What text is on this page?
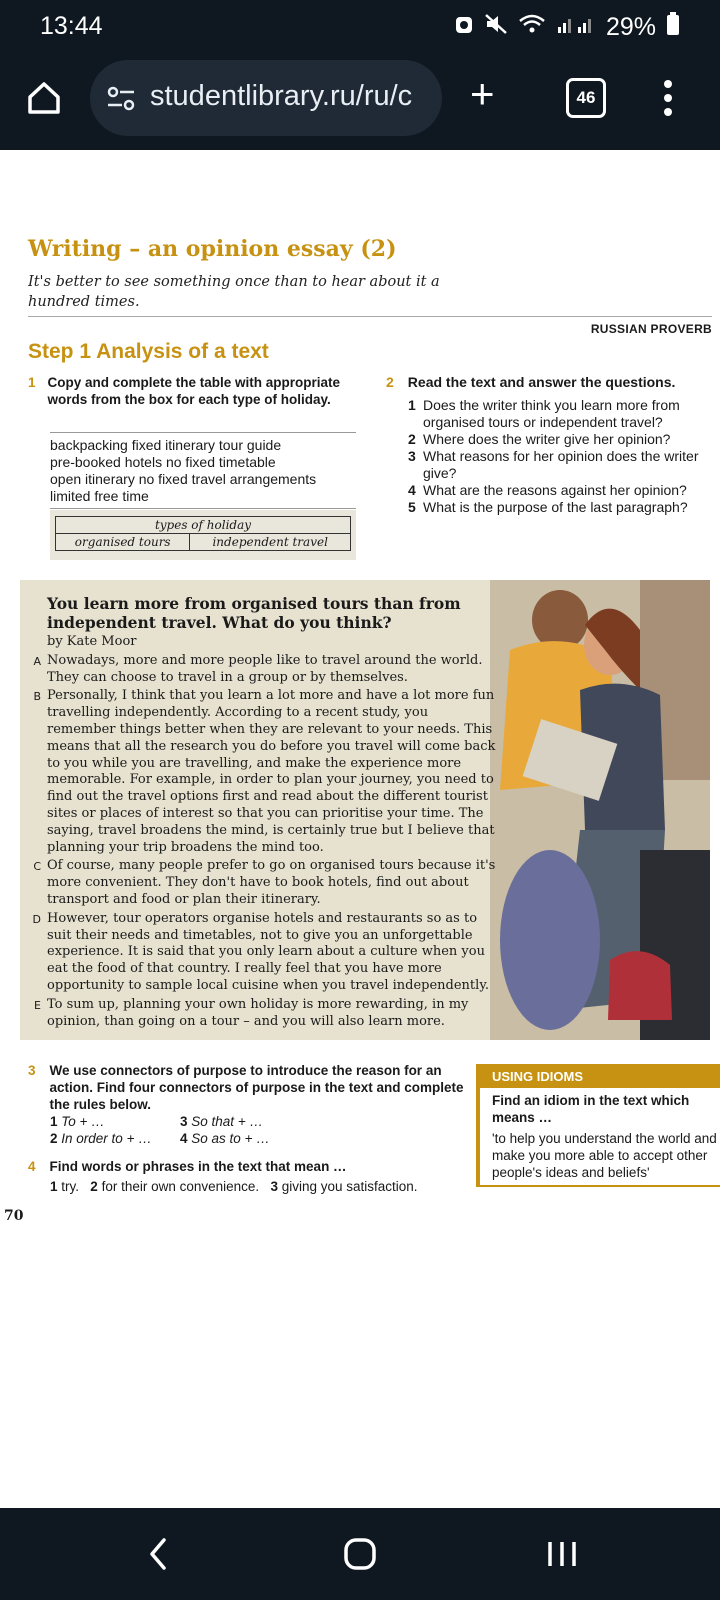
13:44	29%
studentlibrary.ru/ru/c	+	46
Writing – an opinion essay (2)
It's better to see something once than to hear about it a hundred times.
RUSSIAN PROVERB
Step 1 Analysis of a text
1 Copy and complete the table with appropriate words from the box for each type of holiday.
backpacking fixed itinerary tour guide
pre-booked hotels no fixed timetable
open itinerary no fixed travel arrangements
limited free time
types of holiday
organised tours	independent travel
2 Read the text and answer the questions.
1 Does the writer think you learn more from organised tours or independent travel?
2 Where does the writer give her opinion?
3 What reasons for her opinion does the writer give?
4 What are the reasons against her opinion?
5 What is the purpose of the last paragraph?
You learn more from organised tours than from independent travel. What do you think?
by Kate Moor
A Nowadays, more and more people like to travel around the world. They can choose to travel in a group or by themselves.
B Personally, I think that you learn a lot more and have a lot more fun travelling independently. According to a recent study, you remember things better when they are relevant to your needs. This means that all the research you do before you travel will come back to you while you are travelling, and make the experience more memorable. For example, in order to plan your journey, you need to find out the travel options first and read about the different tourist sites or places of interest so that you can prioritise your time. The saying, travel broadens the mind, is certainly true but I believe that planning your trip broadens the mind too.
C Of course, many people prefer to go on organised tours because it's more convenient. They don't have to book hotels, find out about transport and food or plan their itinerary.
D However, tour operators organise hotels and restaurants so as to suit their needs and timetables, not to give you an unforgettable experience. It is said that you only learn about a culture when you eat the food of that country. I really feel that you have more opportunity to sample local cuisine when you travel independently.
E To sum up, planning your own holiday is more rewarding, in my opinion, than going on a tour – and you will also learn more.
3 We use connectors of purpose to introduce the reason for an action. Find four connectors of purpose in the text and complete the rules below.
1 To + …	3 So that + …
2 In order to + …	4 So as to + …
4 Find words or phrases in the text that mean …
1 try. 2 for their own convenience. 3 giving you satisfaction.
USING IDIOMS
Find an idiom in the text which means …
'to help you understand the world and make you more able to accept other people's ideas and beliefs'
70
